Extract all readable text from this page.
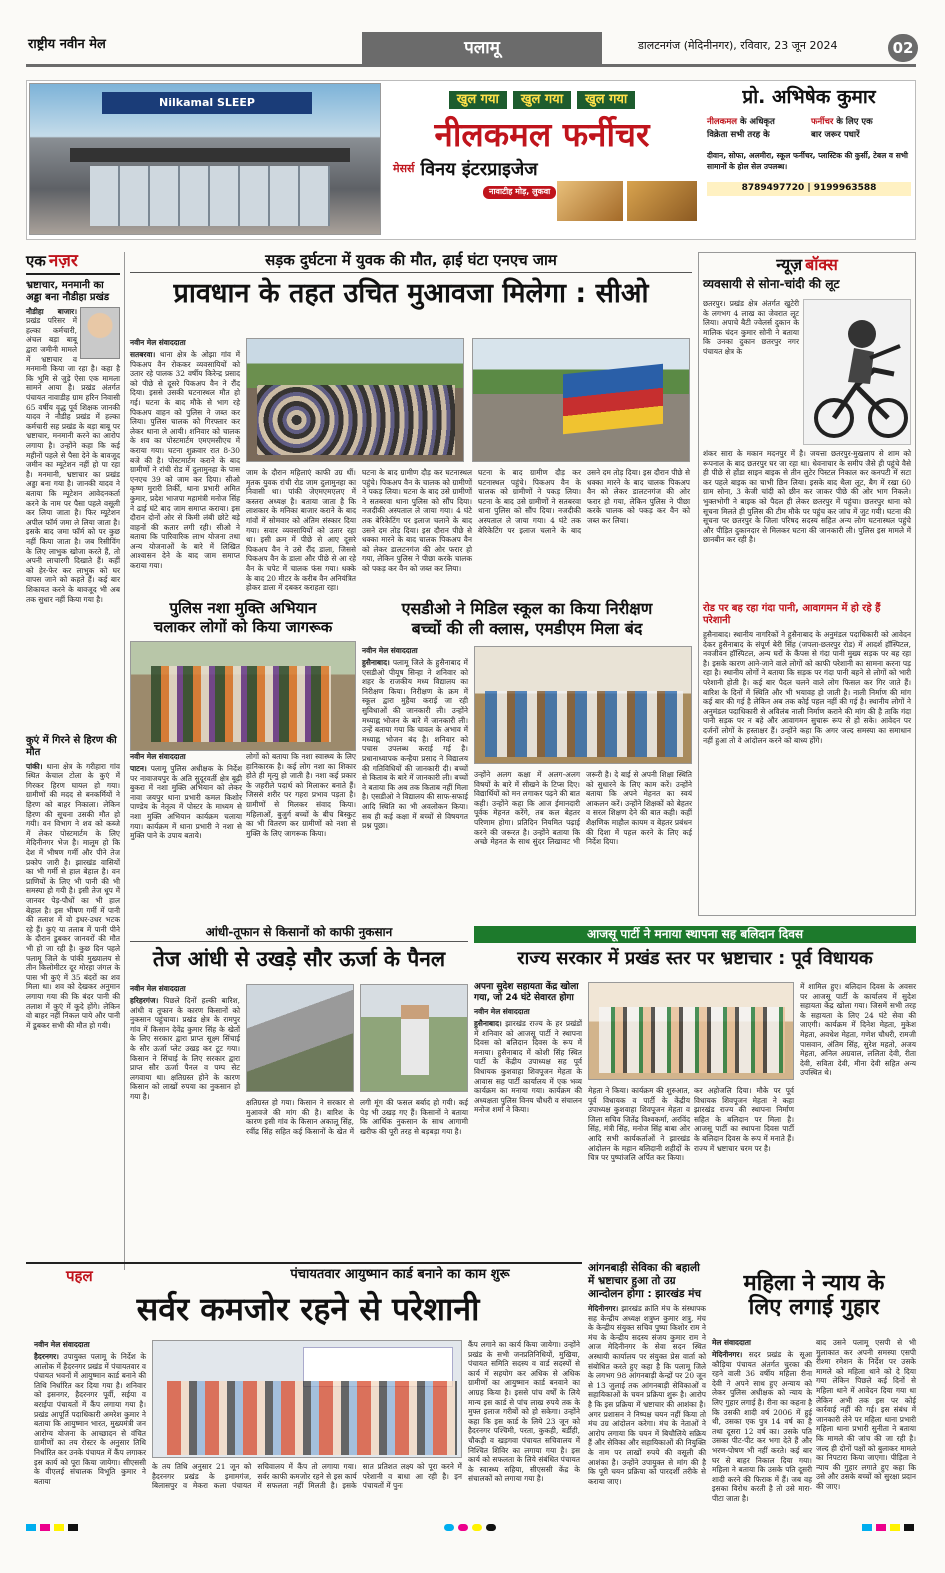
राष्ट्रीय नवीन मेल	पलामू	डालटनगंज (मेदिनीनगर), रविवार, 23 जून 2024	02
Nilkamal SLEEP	खुल गया	खुल गया	खुल गया
नीलकमल फर्नीचर
मेसर्स विनय इंटरप्राइजेज
नावाटीह मोड़, लुकवा
प्रो. अभिषेक कुमार
नीलकमल के अधिकृत
विक्रेता सभी तरह के
फर्नीचर के लिए एक
बार जरूर पधारें
दीवान, सोफा, अलमीरा, स्कूल फर्नीचर, प्लास्टिक की कुर्सी, टेबल व सभी सामानों के होल सेल उपलब्ध।
8789497720 | 9199963588
एक नज़र
भ्रष्टाचार, मनमानी का अड्डा बना नौडीहा प्रखंड
नौडीहा बाजार। प्रखंड परिसर में हल्का कर्मचारी, अंचल बड़ा बाबू द्वारा जमीनी मामले में भ्रष्टाचार व मनमानी किया जा रहा है। कहा है कि भूमि से जुड़े ऐसा एक मामला सामने आया है। प्रखंड अंतर्गत पंचायत नावाडीह ग्राम हरिन निवासी 65 वर्षीय वृद्ध पूर्व शिक्षक जानकी यादव ने नौडीह प्रखंड में हल्का कर्मचारी सह प्रखंड के बड़ा बाबू पर भ्रष्टाचार, मनमानी करने का आरोप लगाया है। उन्होंने कहा कि कई महीनों पहले से पैसा देने के बावजूद जमीन का म्यूटेशन नहीं हो पा रहा है। मनमानी, भ्रष्टाचार का प्रखंड अड्डा बना गया है। जानकी यादव ने बताया कि म्यूटेशन आवेदनकर्ता करने के नाम पर पैसा पहले वसूली कर लिया जाता है। फिर म्यूटेशन अपील फॉर्म जमा ले लिया जाता है। इसके बाद जमा फॉर्म को पर कुछ नहीं किया जाता है। जब रिसीविंग के लिए लाभुक खोजा करते हैं, तो अपनी लाचारगी दिखाते हैं। कहीं को हेर-फेर कर लाभुक को घर वापस जाने को कहते हैं। कई बार शिकायत करने के बावजूद भी अब तक सुधार नहीं किया गया है।
कुएं में गिरने से हिरण की मौत
पांकी। थाना क्षेत्र के गरीहारा गांव स्थित केचाल टोला के कुएं में गिरकर हिरण घायल हो गया। ग्रामीणों की मदद से बनकर्मियों ने हिरण को बाहर निकाला। लेकिन हिरण की सूचना उसकी मौत हो गयी। वन विभाग ने शव को कब्जे में लेकर पोस्टमार्टम के लिए मेदिनीनगर भेज है। मालूम हो कि देश में भीषण गर्मी और पीने तेज प्रकोप जारी है। झारखंड वासियों का भी गर्मी से हाल बेहाल है। वन प्राणियों के लिए भी पानी की भी समस्या हो गयी है। इसी तेज धूप में जानवर पेड़-पौधों का भी हाल बेहाल है। इस भीषण गर्मी में पानी की तलाश में वो इधर-उधर भटक रहे हैं। कुएं या तलाब में पानी पीने के दौरान डूबकर जानवरों की मौत भी हो जा रही है। कुछ दिन पहले पलामू जिले के पांकी मुख्यालय से तीन किलोमीटर दूर मोरहा जंगल के पास भी कुएं में 35 बंदरों का शव मिला था। शव को देखकर अनुमान लगाया गया की कि बंदर पानी की तलाश में कुएं में कूदे होंगे। लेकिन वो बाहर नहीं निकल पाये और पानी में डूबकर सभी की मौत हो गयी।
सड़क दुर्घटना में युवक की मौत, ढ़ाई घंटा एनएच जाम
प्रावधान के तहत उचित मुआवजा मिलेगा : सीओ
नवीन मेल संवाददाता
सतबरवा। थाना क्षेत्र के ओझा गांव में पिकअप वैन रोककर व्यवसायियों को उतार रहे पालक 32 वर्षीय किरेन्द्र प्रसाद को पीछे से दूसरे पिकअप वैन ने रौंद दिया। इससे उसकी घटनास्थल मौत हो गई। घटना के बाद मौके से भाग रहे पिकअप वाहन को पुलिस ने जब्त कर लिया। पुलिस चालक को गिरफ्तार कर लेकर थाना ले आयी। शनिवार को चालक के शव का पोस्टमार्टम एमएमसीएच में कराया गया। घटना शुक्रवार रात 8-30 बजे की है। पोस्टमार्टम कराने के बाद ग्रामीणों ने रांची रोड में दुलामुनहा के पास एनएच 39 को जाम कर दिया। सीओ कृष्ण मुरारी तिर्की, थाना प्रभारी अमित कुमार, प्रदेश भाजपा महामंत्री मनोज सिंह ने ढाई घंटे बाद जाम समाप्त कराया। इस दौरान दोनों ओर से किमी लंबी छोटे बड़े वाहनों की कतार लगी रही। सीओ ने बताया कि पारिवारिक लाभ योजना तथा अन्य योजनाओं के बारे में लिखित आश्वासन देने के बाद जाम समाप्त कराया गया।
जाम के दौरान महिलाएं काफी उग्र थीं। मृतक युवक रांची रोड जाम दुलामुनहा का निवासी था। पांकी जेएमएमएलए में कस्तरा अध्यक्ष है। बताया जाता है कि लाशकार के मनिका बाजार कराने के बाद गांवों में सोमवार को अंतिम संस्कार दिया गया। सवार व्यवसायियों को उतार रहा था। इसी क्रम में पीछे से आए दूसरे पिकअप वैन ने उसे रौंद डाला, जिससे पिकअप वैन के डाला और पीछे से आ रहे वैन के चपेट में चालक फंस गया। धक्के के बाद 20 मीटर के करीब वैन अनियंत्रित होकर डाला में दबकर कराहता रहा।
घटना के बाद ग्रामीण दौड़ कर घटनास्थल पहुंचे। पिकअप वैन के चालक को ग्रामीणों ने पकड़ लिया। घटना के बाद उसे ग्रामीणों ने सतबरवा थाना पुलिस को सौंप दिया। नजदीकी अस्पताल ले जाया गया। 4 घंटे तक बेरिकेटिंग पर इलाज चलाने के बाद उसने दम तोड़ दिया। इस दौरान पीछे से धक्का मारने के बाद चालक पिकअप वैन को लेकर डालटनगंज की ओर फरार हो गया, लेकिन पुलिस ने पीछा करके चालक को पकड़ कर वैन को जब्त कर लिया।
घटना के बाद ग्रामीण दौड़ कर घटनास्थल पहुंचे। पिकअप वैन के चालक को ग्रामीणों ने पकड़ लिया। घटना के बाद उसे ग्रामीणों ने सतबरवा थाना पुलिस को सौंप दिया। नजदीकी अस्पताल ले जाया गया। 4 घंटे तक बेरिकेटिंग पर इलाज चलाने के बाद उसने दम तोड़ दिया। इस दौरान पीछे से धक्का मारने के बाद चालक पिकअप वैन को लेकर डालटनगंज की ओर फरार हो गया, लेकिन पुलिस ने पीछा करके चालक को पकड़ कर वैन को जब्त कर लिया।
पुलिस नशा मुक्ति अभियान
चलाकर लोगों को किया जागरूक
नवीन मेल संवाददाता
पाटन। पलामू पुलिस अधीक्षक के निर्देश पर नावाजयपुर के अति सुदूरवर्ती क्षेत्र बूढ़ी बुकरा में नशा मुक्ति अभियान को लेकर नावा जयपुर थाना प्रभारी कमल किशोर पाण्डेय के नेतृत्व में पोस्टर के माध्यम से नशा मुक्ति अभियान कार्यक्रम चलाया गया। कार्यक्रम में थाना प्रभारी ने नशा से मुक्ति पाने के उपाय बताये।
लोगों को बताया कि नशा स्वास्थ्य के लिए हानिकारक है। कई लोग नशा का शिकार होते ही मृत्यु हो जाती है। नशा कई प्रकार के जहरीले पदार्थ को मिलाकर बनाते हैं। जिससे शरीर पर गहरा प्रभाव पड़ता है। ग्रामीणों से मिलकर संवाद किया। महिलाओं, बुजुर्ग बच्चों के बीच बिस्कुट का भी वितरण कर ग्रामीणों को नशा से मुक्ति के लिए जागरूक किया।
एसडीओ ने मिडिल स्कूल का किया निरीक्षण
बच्चों की ली क्लास, एमडीएम मिला बंद
नवीन मेल संवाददाता
हुसैनाबाद। पलामू जिले के हुसैनाबाद में एसडीओ पीयूष सिन्हा ने शनिवार को शहर के राजकीय मध्य विद्यालय का निरीक्षण किया। निरीक्षण के क्रम में स्कूल द्वारा मुहैया कराई जा रही सुविधाओं की जानकारी ली। उन्होंने मध्याह्न भोजन के बारे में जानकारी ली। उन्हें बताया गया कि चावल के अभाव में मध्याह्न भोजन बंद है। शनिवार को पचास उपलब्ध कराई गई है। प्रधानाध्यापक कन्हैया प्रसाद ने विद्यालय की गतिविधियों की जानकारी दी। बच्चों से किताब के बारे में जानकारी ली। बच्चों ने बताया कि अब तक किताब नहीं मिला है। एसडीओ ने विद्यालय की साफ-सफाई आदि स्थिति का भी अवलोकन किया। सब ही कई कक्षा में बच्चों से विषयगत प्रश्न पूछा।
उन्होंने अलग कक्षा में अलग-अलग विषयों के बारे में सीखने के टिप्स दिए। विद्यार्थियों को मन लगाकर पढ़ने की बात कही। उन्होंने कहा कि आज ईमानदारी पूर्वक मेहनत करेंगे, तब कल बेहतर परिणाम होगा। प्रतिदिन नियमित पढ़ाई करने की जरूरत है। उन्होंने बताया कि अच्छे मेहनत के साथ सुंदर लिखावट भी जरूरी है। दे बाई से अपनी शिक्षा स्थिति को सुधारने के लिए काम करें। उन्होंने बताया कि अपने मेहनत का स्वयं आकलन करें। उन्होंने शिक्षकों को बेहतर व सरल शिक्षण देने की बात कही। कहीं शैक्षणिक माहौल कायम व बेहतर प्रबंधन की दिशा में पहल करने के लिए कई निर्देश दिया।
न्यूज़ बॉक्स
व्यवसायी से सोना-चांदी की लूट
छतरपुर। प्रखंड क्षेत्र अंतर्गत खुटेरी के लगभग 4 लाख का जेवरात लूट लिया। अपाचे बैटी ज्वेलर्स दुकान के मालिक चंदन कुमार सोनी ने बताया कि उनका दुकान छतरपुर नगर पंचायत क्षेत्र के
शंकर सारा के मकान मदनपुर में है। जयत्ता छतरपुर-मुखलाप से शाम को रूपनाल के बाद छतरपुर घर जा रहा था। धेवनाचार के समीप जैसे ही पहुंचे वैसे ही पीछे से होंडा साइन बाइक से तीन लुटेर पिस्टल निकाल कर कनपटी में सटा कर पहले बाइक का चाभी छिन लिया। इसके बाद थैला लूट, बैग में रखा 60 ग्राम सोना, 3 केजी चांदी को छीन कर जाकर पीछे की ओर भाग निकले। भुक्तभोगी ने बाइक को पैदल ही लेकर छतरपुर में पहुंचा। छतरपुर थाना को सूचना मिलते ही पुलिस की टीम मौके पर पहुंच कर जांच में जुट गयी। घटना की सूचना पर छतरपुर के जिला परिषद सदस्य सहित अन्य लोग घटनास्थल पहुंचे और पीड़ित दुकानदार से मिलकर घटना की जानकारी ली। पुलिस इस मामले में छानबीन कर रही है।
रोड पर बह रहा गंदा पानी, आवागमन में हो रहे हैं परेशानी
हुसैनाबाद। स्थानीय नागरिकों ने हुसैनाबाद के अनुमंडल पदाधिकारी को आवेदन देकर हुसैनाबाद के संपूर्ण बेरी सिंह (जपला-छतरपुर रोड) में आदर्श हॉस्पिटल, नवजीवन हॉस्पिटल, अन्य घरों के कैंपस से गंदा पानी मुख्य सड़क पर बह रहा है। इसके कारण आने-जाने वाले लोगों को काफी परेशानी का सामना करना पड़ रहा है। स्थानीय लोगों ने बताया कि सड़क पर गंदा पानी बहने से लोगों को भारी परेशानी होती है। कई बार पैदल चलने वाले लोग फिसल कर गिर जाते हैं। बारिश के दिनों में स्थिति और भी भयावह हो जाती है। नाली निर्माण की मांग कई बार की गई है लेकिन अब तक कोई पहल नहीं की गई है। स्थानीय लोगों ने अनुमंडल पदाधिकारी से अविलंब नाली निर्माण कराने की मांग की है ताकि गंदा पानी सड़क पर न बहे और आवागमन सुचारू रूप से हो सके। आवेदन पर दर्जनों लोगों के हस्ताक्षर हैं। उन्होंने कहा कि अगर जल्द समस्या का समाधान नहीं हुआ तो वे आंदोलन करने को बाध्य होंगे।
आंधी-तूफान से किसानों को काफी नुकसान
तेज आंधी से उखड़े सौर ऊर्जा के पैनल
नवीन मेल संवाददाता
हरिहरगंज। पिछले दिनों हल्की बारिश, आंधी व तूफान के कारण किसानों को नुकसान पहुंचाया। प्रखंड क्षेत्र के रामपुर गांव में किसान देवेंद्र कुमार सिंह के खेतों के लिए सरकार द्वारा प्राप्त सूक्ष्म सिंचाई के सौर ऊर्जा प्लेट उखड़ कर टूट गया। किसान ने सिंचाई के लिए सरकार द्वारा प्राप्त सौर ऊर्जा पैनल व पम्प सेट लगवाया था। क्षतिग्रस्त होने के कारण किसान को लाखों रुपया का नुकसान हो गया है।
क्षतिग्रस्त हो गया। किसान ने सरकार से मुआवजे की मांग की है। बारिश के कारण इसी गांव के किसान अकालू सिंह, रवींद्र सिंह सहित कई किसानों के खेत में लगी मूंग की फसल बर्बाद हो गयी। कई पेड़ भी उखड़ गए हैं। किसानों ने बताया कि आर्थिक नुकसान के साथ आगामी खरीफ की पूरी तरह से बड़बड़ा गया है।
आजसू पार्टी ने मनाया स्थापना सह बलिदान दिवस
राज्य सरकार में प्रखंड स्तर पर भ्रष्टाचार : पूर्व विधायक
अपना सुदेश सहायता केंद्र खोला गया, जो 24 घंटे सेवारत होगा
नवीन मेल संवाददाता
हुसैनाबाद। झारखंड राज्य के हर प्रखंडों में शनिवार को आजसू पार्टी ने स्थापना दिवस को बलिदान दिवस के रूप में मनाया। हुसैनाबाद में कोशी सिंह स्थित पार्टी के केंद्रीय उपाध्यक्ष सह पूर्व विधायक कुशवाहा शिवपूजन मेहता के आवास सह पार्टी कार्यालय में एक भव्य कार्यक्रम का मनाया गया। कार्यक्रम की अध्यक्षता पुलिस विनय चौधरी व संचालन मनोज शर्मा ने किया।
मेहता ने किया। कार्यक्रम की शुरुआत, पूर्व विधायक व पार्टी के केंद्रीय उपाध्यक्ष कुशवाहा शिवपूजन मेहता व जिला सचिव जितेंद्र विश्वकर्मा, अरविंद सिंह, मंत्री सिंह, मनोज सिंह बाबा ओर आदि सभी कार्यकर्ताओं ने झारखंड आंदोलन के महान बलिदानी शहीदों के चित्र पर पुष्पांजलि अर्पित कर किया।
कर अहोजलि दिया। मौके पर पूर्व विधायक शिवपूजन मेहता ने कहा झारखंड राज्य की स्थापना निर्माण सहित के बलिदान पर मिला है। आजसू पार्टी का स्थापना दिवस पार्टी के बलिदान दिवस के रूप में मनाते हैं। राज्य में भ्रष्टाचार चरम पर है।
में शामिल हुए। बलिदान दिवस के अवसर पर आजसू पार्टी के कार्यालय में सुदेश सहायता केंद्र खोला गया। जिसमें सभी तरह के सहायता के लिए 24 घंटे सेवा की जाएगी। कार्यक्रम में दिनेश मेहता, मुकेश मेहता, अवधेश मेहता, गणेश चौधरी, रामजी पासवान, अंतिम सिंह, सुरेश महतो, अजय मेहता, अनिल अग्रवाल, ललिता देवी, रीता देवी, सविता देवी, मीना देवी सहित अन्य उपस्थित थे।
पहल	पंचायतवार आयुष्मान कार्ड बनाने का काम शुरू
सर्वर कमजोर रहने से परेशानी
नवीन मेल संवाददाता
हैदरनगर। उपायुक्त पलामू के निर्देश के आलोक में हैदरनगर प्रखंड में पंचायतवार व पंचायत भवनों में आयुष्मान कार्ड बनाने की तिथि निर्धारित कर दिया गया है। शनिवार को इसनगर, हैदरनगर पूर्वी, सईया व बराईपा पंचायतों में कैंप लगाया गया है। प्रखंड आपूर्ति पदाधिकारी अमरेश कुमार ने बताया कि आयुष्मान भारत, मुख्यमंत्री जन आरोग्य योजना के आच्छादन से वंचित ग्रामीणों का तय रोस्टर के अनुसार तिथि निर्धारित कर उनके पंचायत में कैंप लगाकर इस कार्य को पूरा किया जायेगा। सीएससी के वीएलई संचालक विभूति कुमार ने बताया
कैंप लगाने का कार्य किया जायेगा। उन्होंने प्रखंड के सभी जनप्रतिनिधियों, मुखिया, पंचायत समिति सदस्य व वार्ड सदस्यों से कार्य में सहयोग कर अधिक से अधिक ग्रामीणों का आयुष्मान कार्ड बनवाने का आग्रह किया है। इससे पांच वर्षों के लिये मान्य इस कार्ड से पांच लाख रुपये तक के मुफ्त इलाज गरीबों को हो सकेगा। उन्होंने कहा कि इस कार्ड के लिये 23 जून को हैदरनगर पश्चिमी, परता, कुकही, बर्डीही, चौकड़ी व खड़गवा पंचायत सचिवालय में निश्चित शिविर का लगाया गया है। इस कार्य को सफलता के लिये संबंधित पंचायत के स्वास्थ्य सहिया, सीएससी केंद्र के संचालकों को लगाया गया है।
के तय तिथि अनुसार 21 जून को हैदरनगर प्रखंड के इमामगंज, बिलासपुर व मेकरा कला पंचायत सचिवालय में कैंप तो लगाया गया। सर्वर काफी कमजोर रहने से इस कार्य में सफलता नहीं मिलती है। इसके सात प्रतिशत लक्ष्य को पूरा करने में परेशानी व बाधा आ रही है। इन पंचायतों में पुनः
आंगनबाड़ी सेविका की बहाली में भ्रष्टाचार हुआ तो उग्र आन्दोलन होगा : झारखंड मंच
मेदिनीनगर। झारखंड क्रांति मंच के संस्थापक सह केन्द्रीय अध्यक्ष शत्रुघ्न कुमार शत्रु, मंच के केन्द्रीय संयुक्त सचिव पुष्पा किशोर राम ने मंच के केन्द्रीय सदस्य संजय कुमार राम ने आज मेदिनीनगर के सेवा सदन स्थित अस्थायी कार्यालय पर संयुक्त प्रेस वार्ता को संबोधित करते हुए कहा है कि पलामू जिले के लगभग 98 आंगनबाड़ी केन्द्रों पर 20 जून से 13 जुलाई तक आंगनबाड़ी सेविकाओं व सहायिकाओं के चयन प्रक्रिया शुरू है। आरोप है कि इस प्रक्रिया में भ्रष्टाचार की आशंका है। अगर प्रशासन ने निष्पक्ष चयन नहीं किया तो मंच उग्र आंदोलन करेगा। मंच के नेताओं ने आरोप लगाया कि चयन में बिचौलिये सक्रिय हैं और सेविका और सहायिकाओं की नियुक्ति के नाम पर लाखों रुपये की वसूली की आशंका है। उन्होंने उपायुक्त से मांग की है कि पूरी चयन प्रक्रिया को पारदर्शी तरीके से कराया जाए।
महिला ने न्याय के
लिए लगाई गुहार
मेल संवाददाता
मेदिनीनगर। सदर प्रखंड के सूआ कौड़िया पंचायत अंतर्गत चुरका की रहने वाली 36 वर्षीय महिला रीना देवी ने अपने साथ हुए अन्याय को लेकर पुलिस अधीक्षक को न्याय के लिए गुहार लगाई है। रीना का कहना है कि उसकी शादी वर्ष 2006 में हुई थी, उसका एक पुत्र 14 वर्ष का है तथा दूसरा 12 वर्ष का। उसके पति उसका पीट-पीट कर भगा देते हैं और भरण-पोषण भी नहीं करते। कई बार घर से बाहर निकाल दिया गया। महिला ने बताया कि उसके पति दूसरी शादी करने की फिराक में हैं। जब वह इसका विरोध करती है तो उसे मारा-पीटा जाता है।
बाद उसने पलामू एसपी से भी मुलाकात कर अपनी समस्या एसपी रीश्मा रमेशन के निर्देश पर उसके मामले को महिला थाने को दे दिया गया लेकिन पिछले कई दिनों से महिला थाने में आवेदन दिया गया था लेकिन अभी तक इस पर कोई कार्रवाई नहीं की गई। इस संबंध में जानकारी लेने पर महिला थाना प्रभारी महिला थाना प्रभारी सुनीता ने बताया कि मामले की जांच की जा रही है। जल्द ही दोनों पक्षों को बुलाकर मामले का निपटारा किया जाएगा। पीड़िता ने न्याय की गुहार लगाते हुए कहा कि उसे और उसके बच्चों को सुरक्षा प्रदान की जाए।
